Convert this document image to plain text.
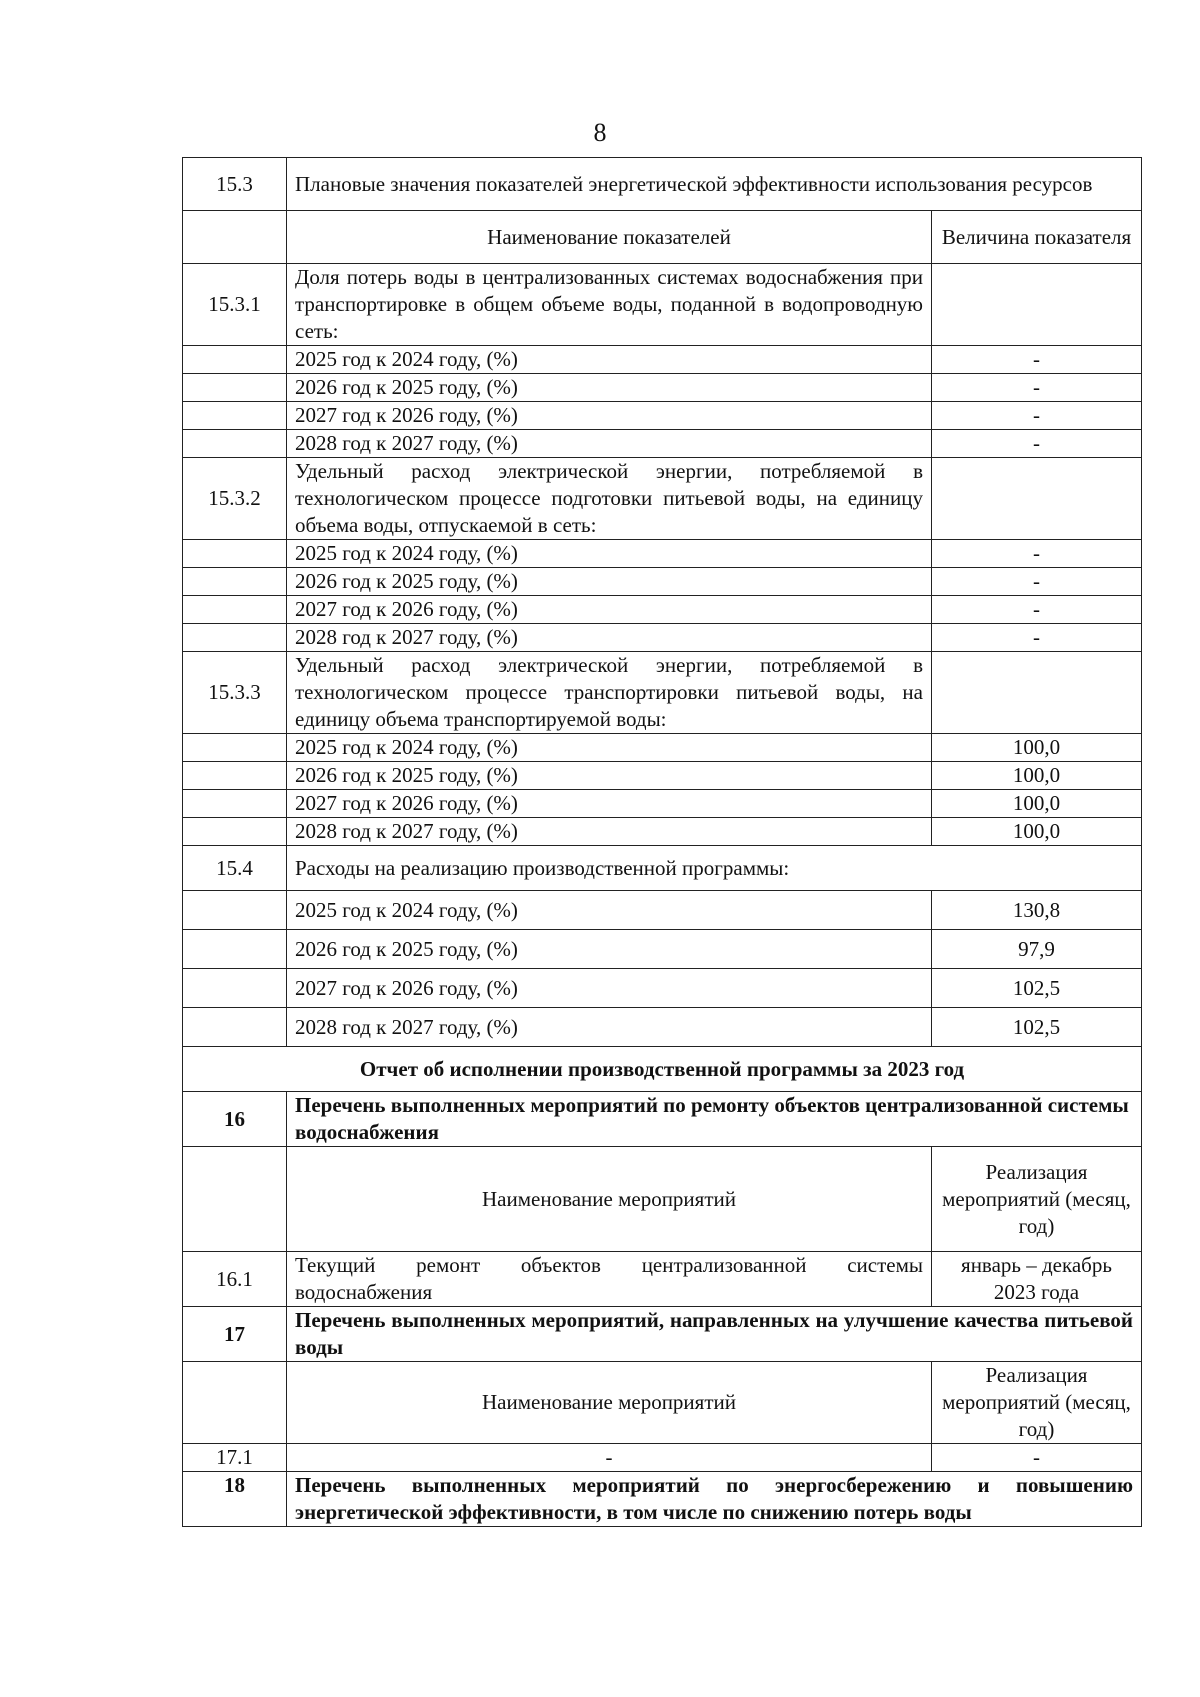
8
15.3	Плановые значения показателей энергетической эффективности использования ресурсов	
	Наименование показателей	Величина показателя
15.3.1	Доля потерь воды в централизованных системах водоснабжения при транспортировке в общем объеме воды, поданной в водопроводную сеть:	
	2025 год к 2024 году, (%)	-
	2026 год к 2025 году, (%)	-
	2027 год к 2026 году, (%)	-
	2028 год к 2027 году, (%)	-
15.3.2	Удельный расход электрической энергии, потребляемой в технологическом процессе подготовки питьевой воды, на единицу объема воды, отпускаемой в сеть:	
	2025 год к 2024 году, (%)	-
	2026 год к 2025 году, (%)	-
	2027 год к 2026 году, (%)	-
	2028 год к 2027 году, (%)	-
15.3.3	Удельный расход электрической энергии, потребляемой в технологическом процессе транспортировки питьевой воды, на единицу объема транспортируемой воды:	
	2025 год к 2024 году, (%)	100,0
	2026 год к 2025 году, (%)	100,0
	2027 год к 2026 году, (%)	100,0
	2028 год к 2027 году, (%)	100,0
15.4	Расходы на реализацию производственной программы:	
	2025 год к 2024 году, (%)	130,8
	2026 год к 2025 году, (%)	97,9
	2027 год к 2026 году, (%)	102,5
	2028 год к 2027 году, (%)	102,5
Отчет об исполнении производственной программы за 2023 год		
16	Перечень выполненных мероприятий по ремонту объектов централизованной системы водоснабжения	
	Наименование мероприятий	Реализация мероприятий (месяц, год)
16.1	Текущий ремонт объектов централизованной системы водоснабжения	январь – декабрь 2023 года
17	Перечень выполненных мероприятий, направленных на улучшение качества питьевой воды	
	Наименование мероприятий	Реализация мероприятий (месяц, год)
17.1	-	-
18	Перечень выполненных мероприятий по энергосбережению и повышению энергетической эффективности, в том числе по снижению потерь воды	
